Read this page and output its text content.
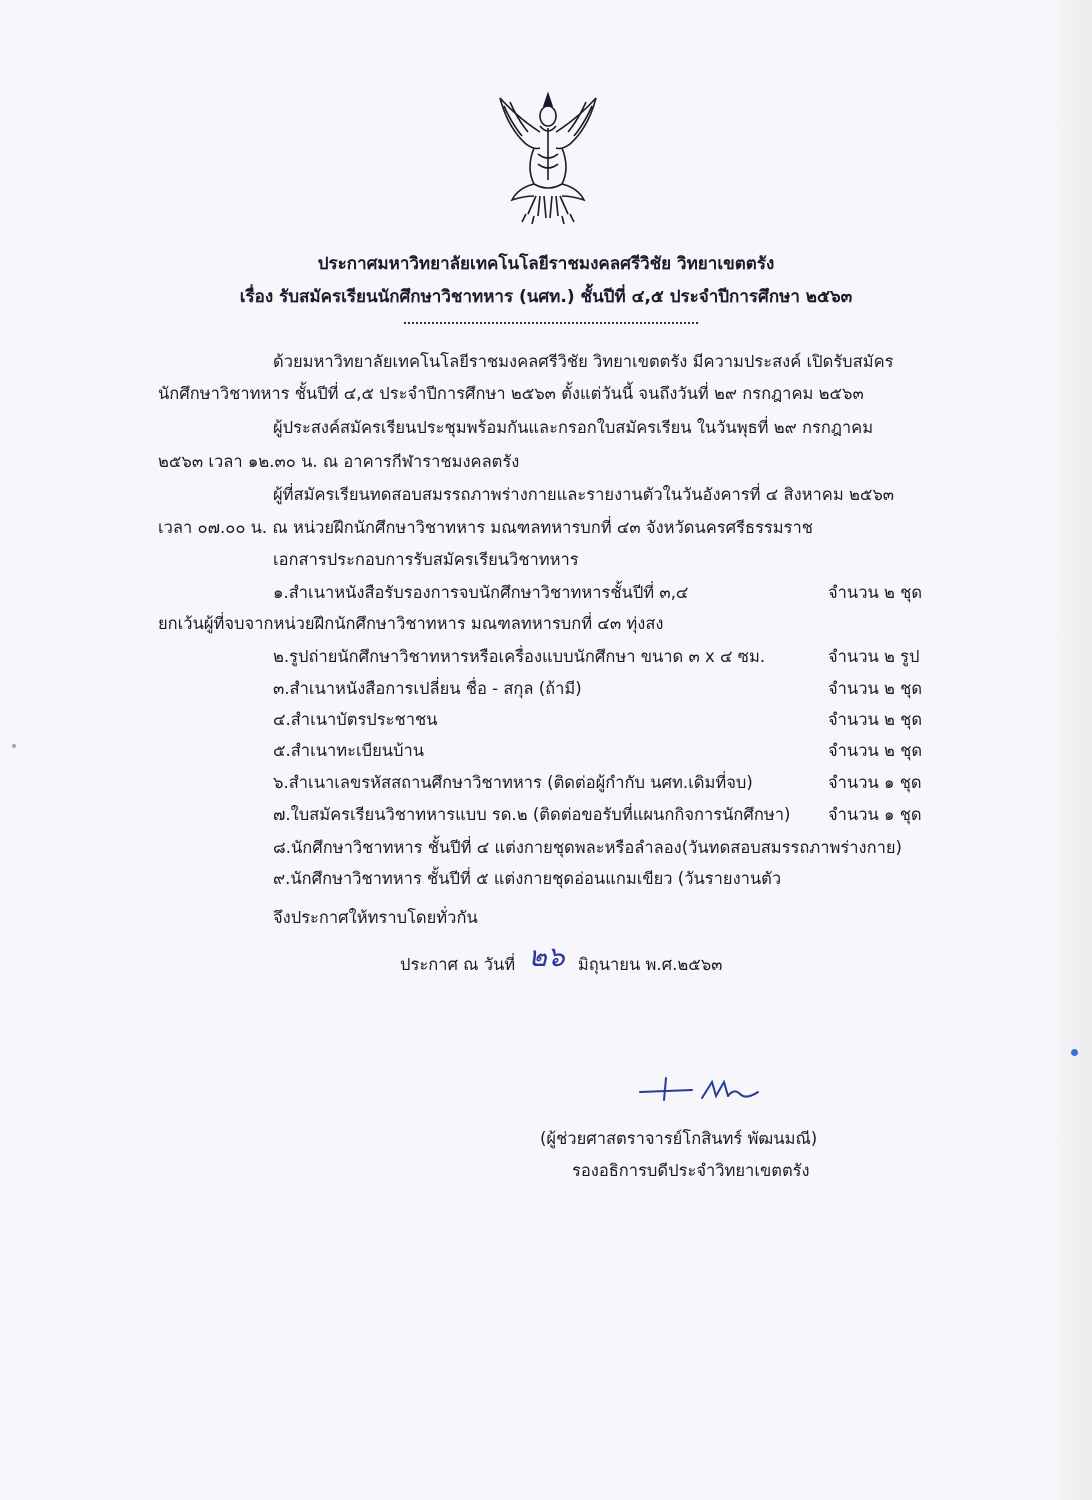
ประกาศมหาวิทยาลัยเทคโนโลยีราชมงคลศรีวิชัย วิทยาเขตตรัง
เรื่อง รับสมัครเรียนนักศึกษาวิชาทหาร (นศท.) ชั้นปีที่ ๔,๕ ประจำปีการศึกษา ๒๕๖๓
ด้วยมหาวิทยาลัยเทคโนโลยีราชมงคลศรีวิชัย วิทยาเขตตรัง มีความประสงค์ เปิดรับสมัคร
นักศึกษาวิชาทหาร ชั้นปีที่ ๔,๕ ประจำปีการศึกษา ๒๕๖๓ ตั้งแต่วันนี้ จนถึงวันที่ ๒๙ กรกฎาคม ๒๕๖๓
ผู้ประสงค์สมัครเรียนประชุมพร้อมกันและกรอกใบสมัครเรียน ในวันพุธที่ ๒๙ กรกฎาคม
๒๕๖๓ เวลา ๑๒.๓๐ น. ณ อาคารกีฬาราชมงคลตรัง
ผู้ที่สมัครเรียนทดสอบสมรรถภาพร่างกายและรายงานตัวในวันอังคารที่ ๔ สิงหาคม ๒๕๖๓
เวลา ๐๗.๐๐ น. ณ หน่วยฝึกนักศึกษาวิชาทหาร มณฑลทหารบกที่ ๔๓ จังหวัดนครศรีธรรมราช
เอกสารประกอบการรับสมัครเรียนวิชาทหาร
๑.สำเนาหนังสือรับรองการจบนักศึกษาวิชาทหารชั้นปีที่ ๓,๔	จำนวน ๒ ชุด
ยกเว้นผู้ที่จบจากหน่วยฝึกนักศึกษาวิชาทหาร มณฑลทหารบกที่ ๔๓ ทุ่งสง
๒.รูปถ่ายนักศึกษาวิชาทหารหรือเครื่องแบบนักศึกษา ขนาด ๓ x ๔ ซม.	จำนวน ๒ รูป
๓.สำเนาหนังสือการเปลี่ยน ชื่อ - สกุล (ถ้ามี)	จำนวน ๒ ชุด
๔.สำเนาบัตรประชาชน	จำนวน ๒ ชุด
๕.สำเนาทะเบียนบ้าน	จำนวน ๒ ชุด
๖.สำเนาเลขรหัสสถานศึกษาวิชาทหาร (ติดต่อผู้กำกับ นศท.เดิมที่จบ)	จำนวน ๑ ชุด
๗.ใบสมัครเรียนวิชาทหารแบบ รด.๒ (ติดต่อขอรับที่แผนกกิจการนักศึกษา) จำนวน ๑ ชุด
๘.นักศึกษาวิชาทหาร ชั้นปีที่ ๔ แต่งกายชุดพละหรือลำลอง(วันทดสอบสมรรถภาพร่างกาย)
๙.นักศึกษาวิชาทหาร ชั้นปีที่ ๕ แต่งกายชุดอ่อนแกมเขียว (วันรายงานตัว
จึงประกาศให้ทราบโดยทั่วกัน
ประกาศ ณ วันที่ ๒๖ มิถุนายน พ.ศ.๒๕๖๓
(ผู้ช่วยศาสตราจารย์โกสินทร์ พัฒนมณี)
รองอธิการบดีประจำวิทยาเขตตรัง
